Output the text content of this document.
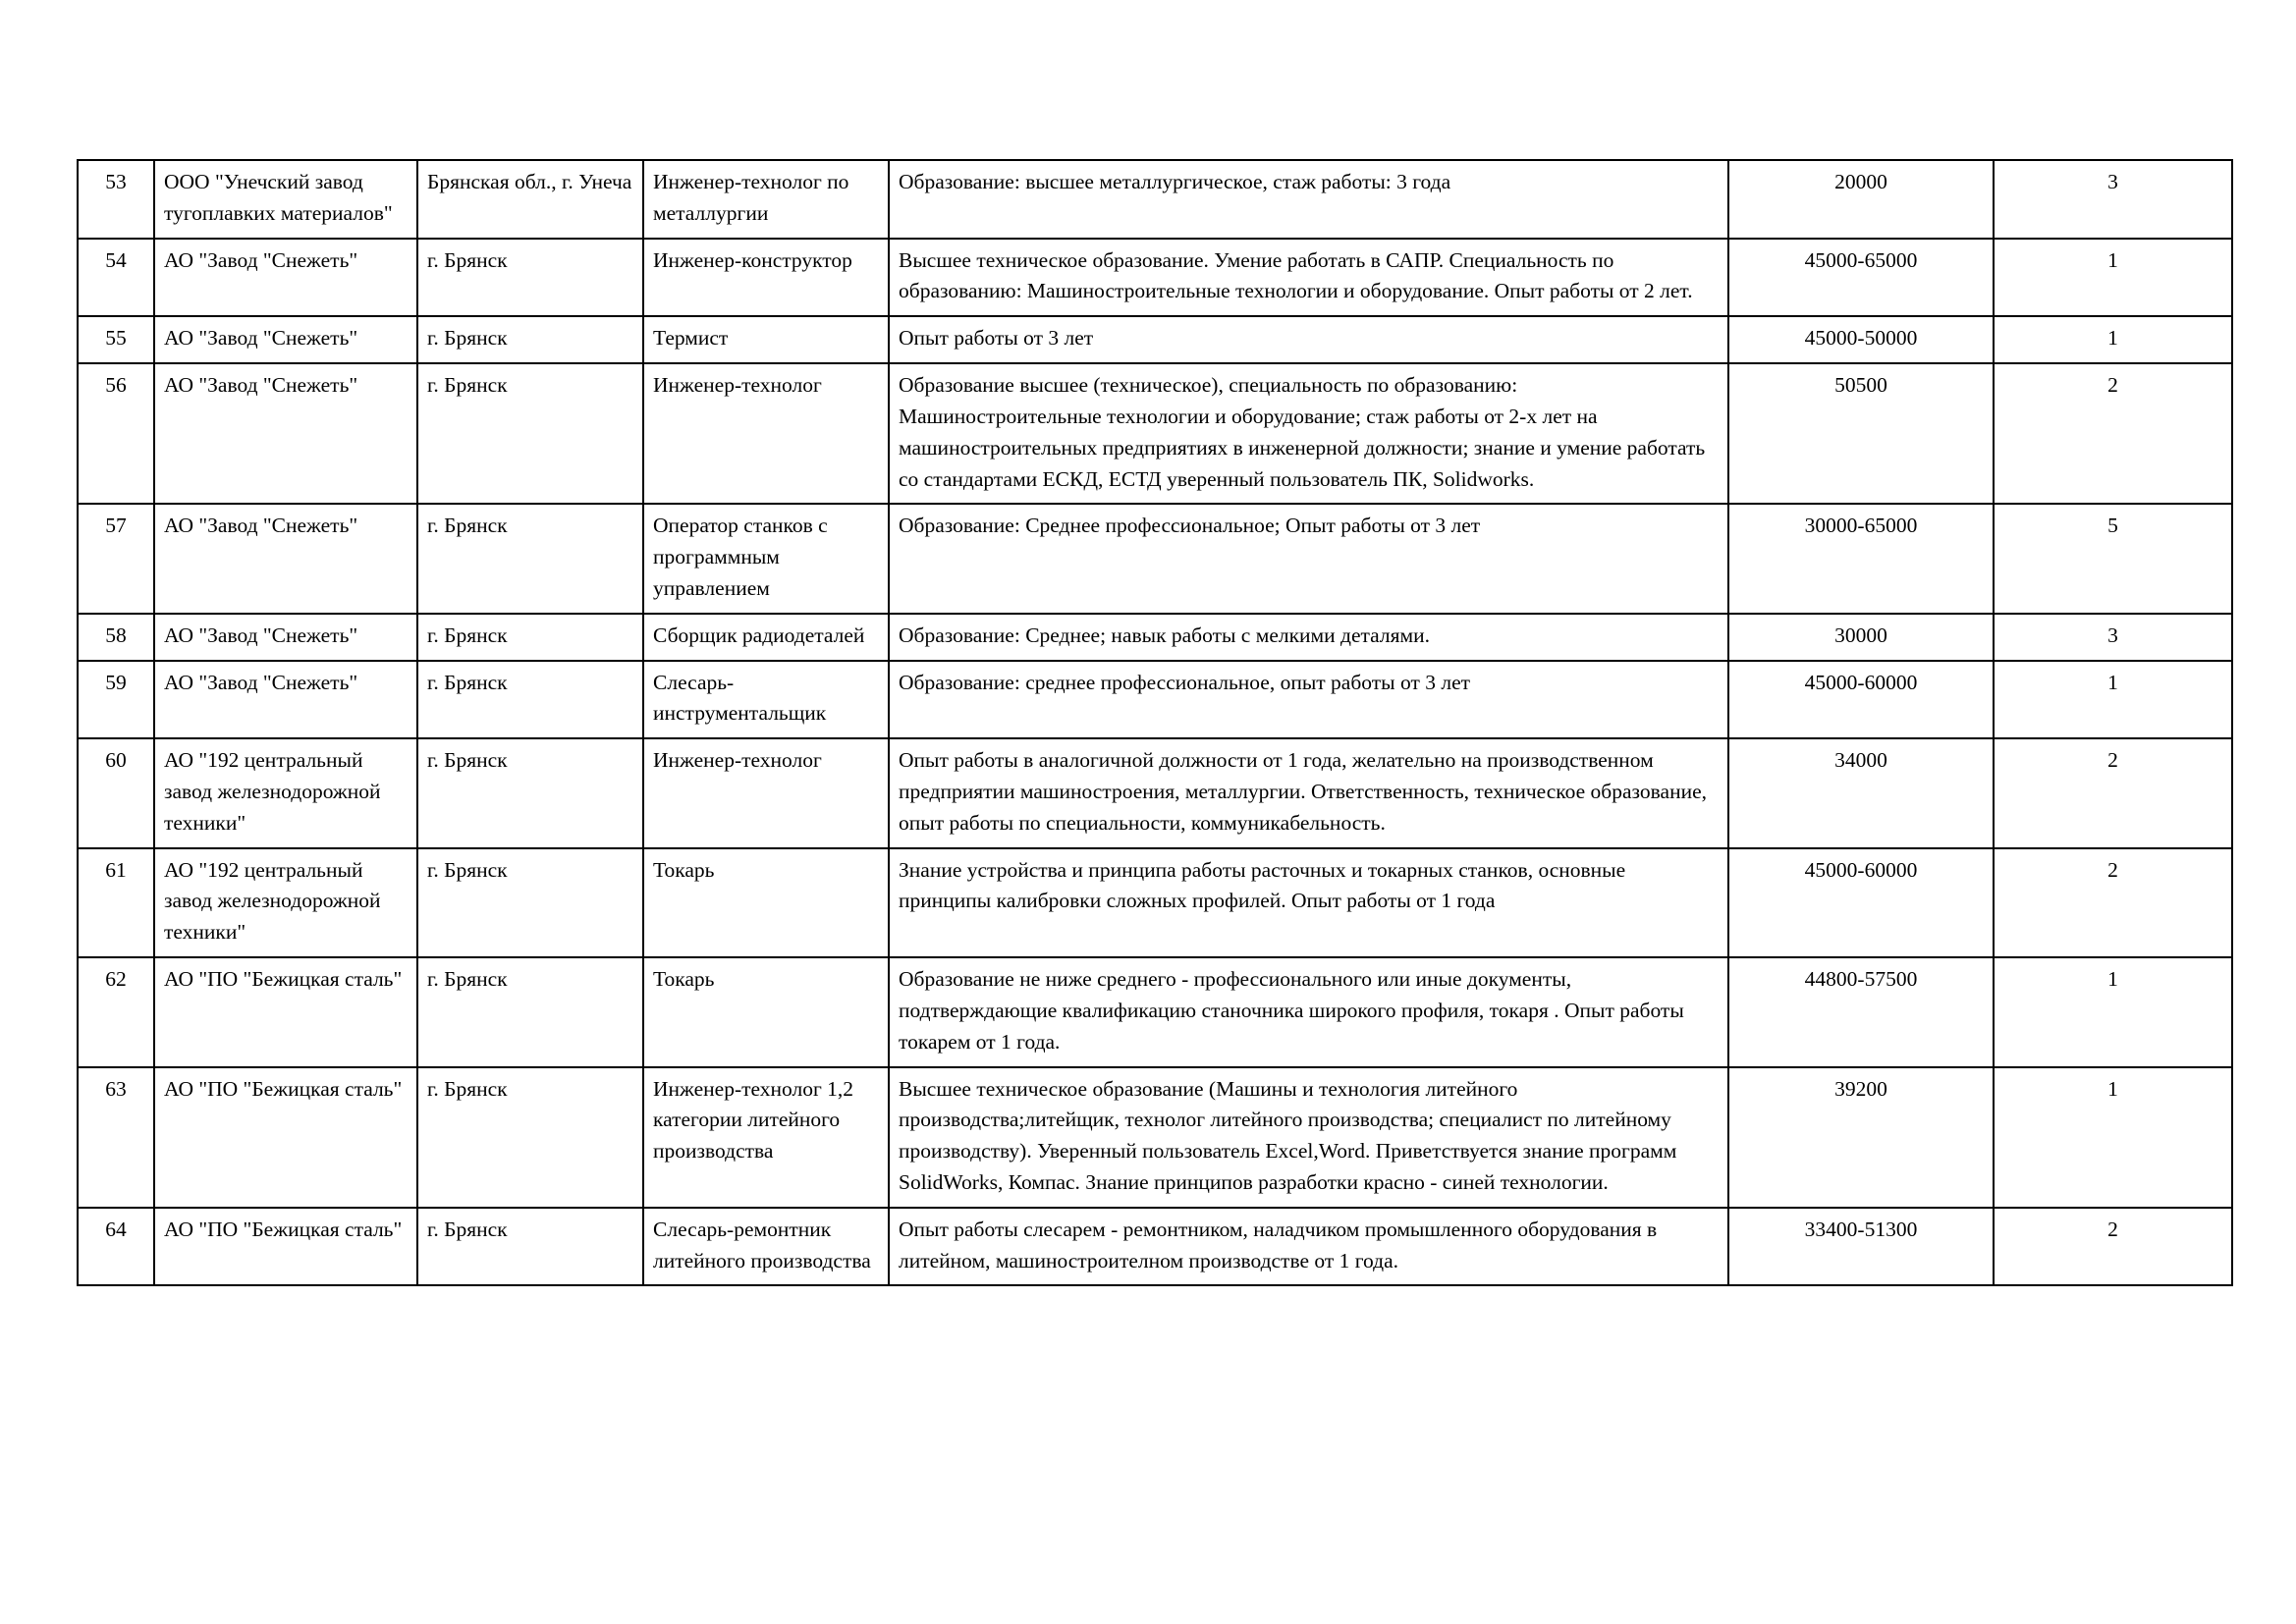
53	ООО "Унечский завод тугоплавких материалов"	Брянская обл., г. Унеча	Инженер-технолог по металлургии	Образование: высшее металлургическое, стаж работы: 3 года	20000	3

54	АО "Завод "Снежеть"	г. Брянск	Инженер-конструктор	Высшее техническое образование. Умение работать в САПР. Специальность по образованию: Машиностроительные технологии и оборудование. Опыт работы от 2 лет.	45000-65000	1

55	АО "Завод "Снежеть"	г. Брянск	Термист	Опыт работы от 3 лет	45000-50000	1

56	АО "Завод "Снежеть"	г. Брянск	Инженер-технолог	Образование высшее (техническое), специальность по образованию: Машиностроительные технологии и оборудование; стаж работы от 2-х лет на машиностроительных предприятиях в инженерной должности; знание и умение работать со стандартами ЕСКД, ЕСТД уверенный пользователь ПК, Solidworks.	50500	2

57	АО "Завод "Снежеть"	г. Брянск	Оператор станков с программным управлением	Образование: Среднее профессиональное; Опыт работы от 3 лет	30000-65000	5

58	АО "Завод "Снежеть"	г. Брянск	Сборщик радиодеталей	Образование: Среднее; навык работы с мелкими деталями.	30000	3

59	АО "Завод "Снежеть"	г. Брянск	Слесарь-инструментальщик	Образование: среднее профессиональное, опыт работы от 3 лет	45000-60000	1

60	АО "192 центральный завод железнодорожной техники"	г. Брянск	Инженер-технолог	Опыт работы в аналогичной должности от 1 года, желательно на производственном предприятии машиностроения, металлургии. Ответственность, техническое образование, опыт работы по специальности, коммуникабельность.	34000	2

61	АО "192 центральный завод железнодорожной техники"	г. Брянск	Токарь	Знание устройства и принципа работы расточных и токарных станков, основные принципы калибровки сложных профилей. Опыт работы от 1 года	45000-60000	2

62	АО "ПО "Бежицкая сталь"	г. Брянск	Токарь	Образование не ниже среднего - профессионального или иные документы, подтверждающие квалификацию станочника широкого профиля, токаря . Опыт работы токарем от 1 года.	44800-57500	1

63	АО "ПО "Бежицкая сталь"	г. Брянск	Инженер-технолог 1,2 категории литейного производства	Высшее техническое образование (Машины и технология литейного производства;литейщик, технолог литейного производства; специалист по литейному производству). Уверенный пользователь Excel,Word. Приветствуется знание программ SolidWorks, Компас. Знание принципов разработки красно - синей технологии.	39200	1

64	АО "ПО "Бежицкая сталь"	г. Брянск	Слесарь-ремонтник литейного производства	Опыт работы слесарем - ремонтником, наладчиком промышленного оборудования в литейном, машиностроителном производстве от 1 года.	33400-51300	2
